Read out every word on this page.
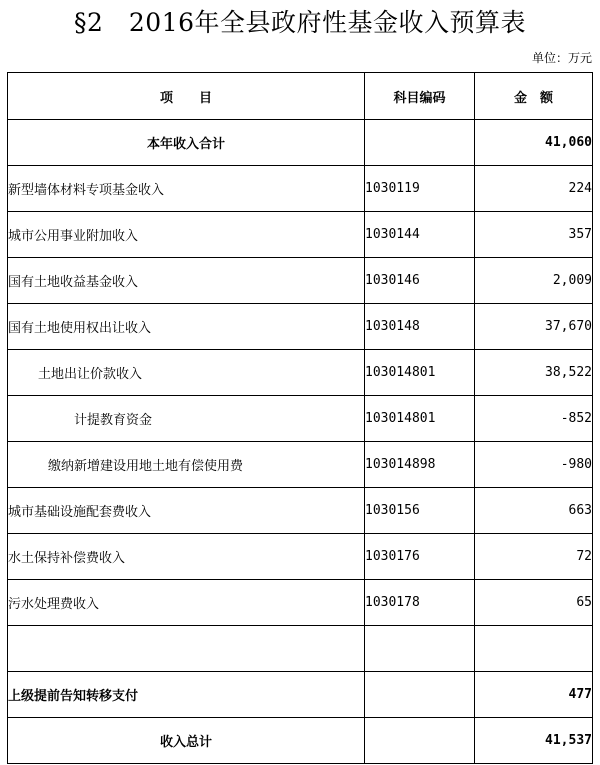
§2　2016年全县政府性基金收入预算表
单位：万元
项　　目	科目编码	金　额
本年收入合计		41,060
新型墙体材料专项基金收入	1030119	224
城市公用事业附加收入	1030144	357
国有土地收益基金收入	1030146	2,009
国有土地使用权出让收入	1030148	37,670
土地出让价款收入	103014801	38,522
计提教育资金	103014801	-852
缴纳新增建设用地土地有偿使用费	103014898	-980
城市基础设施配套费收入	1030156	663
水土保持补偿费收入	1030176	72
污水处理费收入	1030178	65

上级提前告知转移支付		477
收入总计		41,537
